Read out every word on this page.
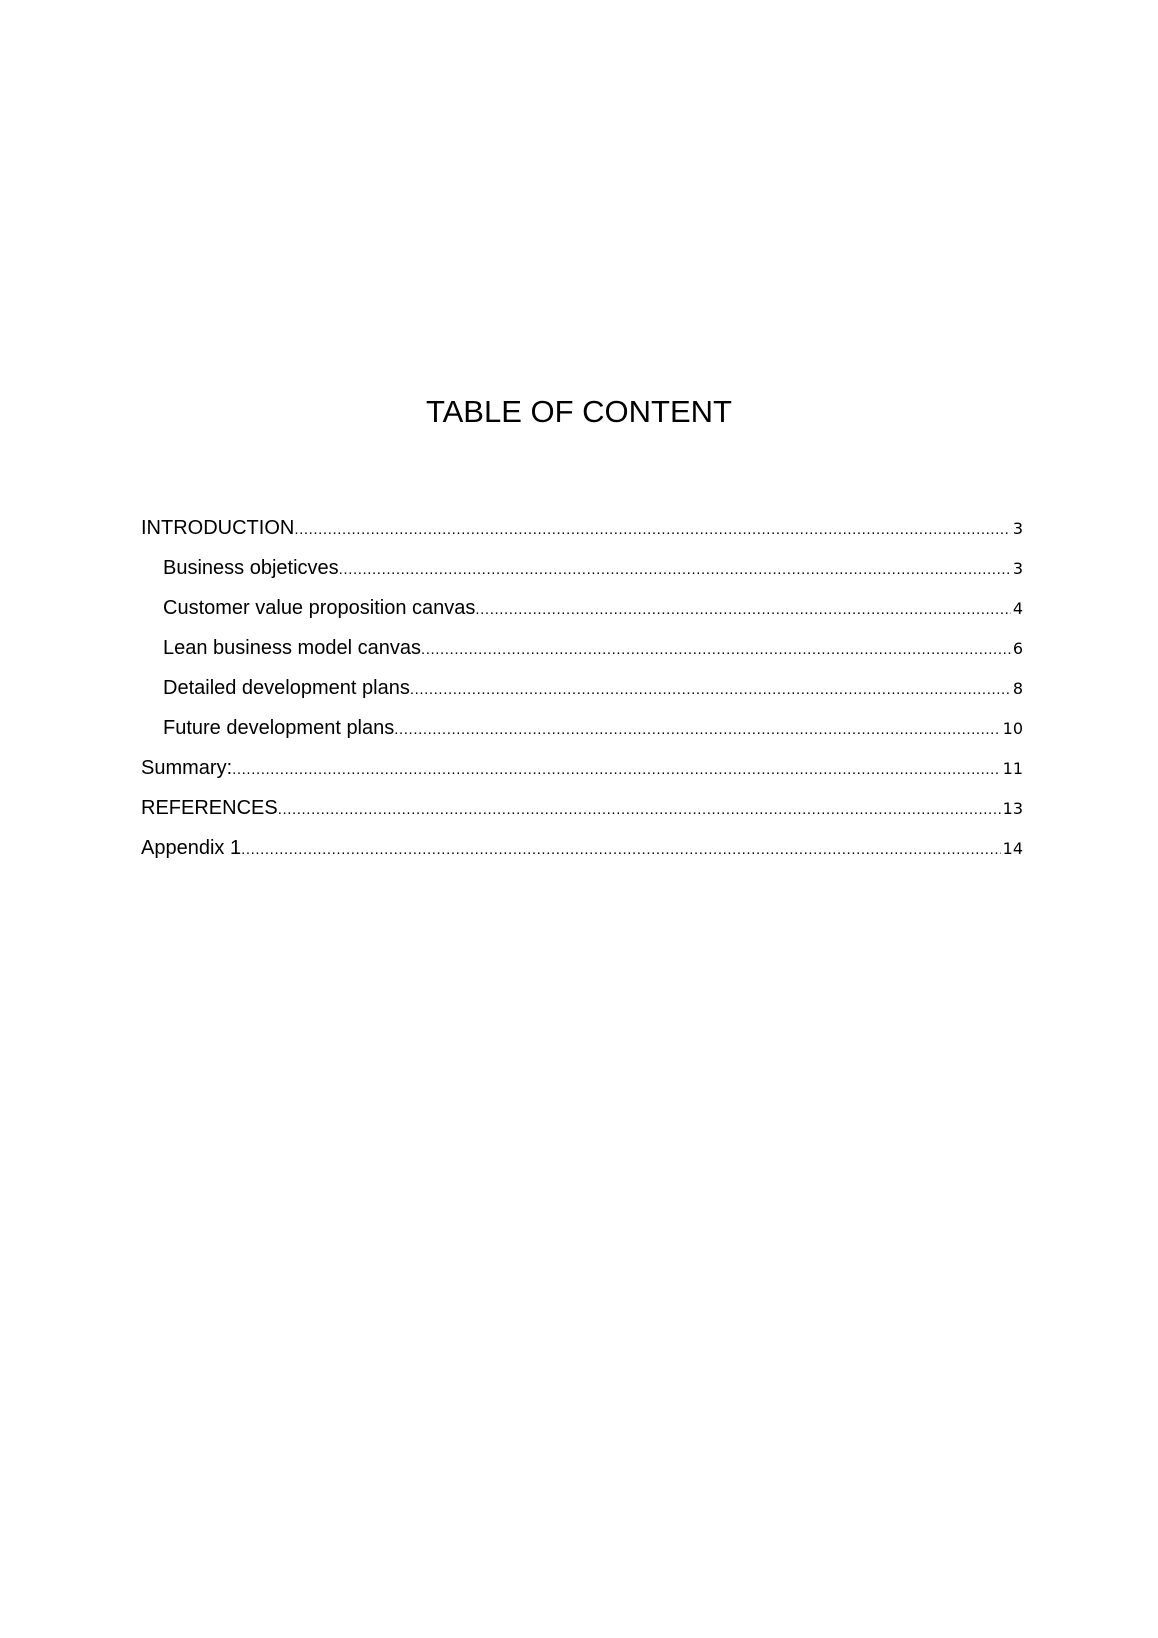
TABLE OF CONTENT
INTRODUCTION .....	3
Business objeticves .....	3
Customer value proposition canvas .....	4
Lean business model canvas .....	6
Detailed development plans .....	8
Future development plans .....	10
Summary: .....	11
REFERENCES .....	13
Appendix 1 .....	14
